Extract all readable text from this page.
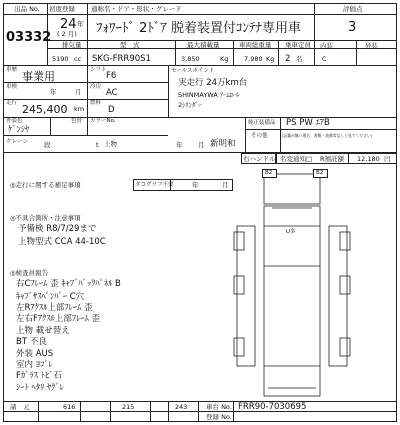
出品 No.
03332
初度登録
24 年
( 2 月)
通称名・ドア・形状・グレード
ﾌｫﾜｰﾄﾞ 2ﾄﾞｱ 脱着装置付ｺﾝﾃﾅ専用車
排気量
5190 cc
型　式
SKG-FRR90S1
最大積載量
3,850	Kg
車両総重量
7,980 Kg
乗車定員
2 名
評価点
3
内装	外装
C
車歴 事業用	シフト
F6
車検
年	月
冷房
AC
走行 245,400 km
燃料
D
外装色
ｹﾞﾝｼﾔ
色替 カラーNo.
クレーン 段	t 上物	年 月 新明和
セールスポイント
実走行 24万km台
SHINMAYWA ｱｰﾑﾛｰﾙ
2ｼﾘﾝﾀﾞｰ
純正装備品 PS PW ｴｱB
その他	(記載が無い場合、書類・装備等なしと見てください)
右ハンドル 名変通知 □ R預託額 12,180 円
B2	B2
U多
◎走行に関する補足事項	タコグラフ不要	年	月
◎不具合箇所・注意事項
予備検 R8/7/29まで
上物型式 CCA 44-10C
◎検査員報告
右Cﾌﾚｰﾑ 歪 ｷｬﾌﾞﾊﾞｯｸﾊﾟﾈﾙ B
ｷｬﾌﾞｻｽﾍﾟﾝﾊﾞｰ C穴
左Rｱｸｽﾙ上部ﾌﾚｰﾑ 歪
左右Fｱｸｽﾙ上部ﾌﾚｰﾑ 歪
上物 載せ替え
BT 不良
外装 AUS
室内 ﾖｺﾞﾚ
Fｶﾞﾗｽ ﾄﾋﾞ石
ｼｰﾄ ﾍﾀﾘ ﾔｸﾞﾚ
諸　元	616	215	243	車台 No. FRR90-7030695
登録 No.
